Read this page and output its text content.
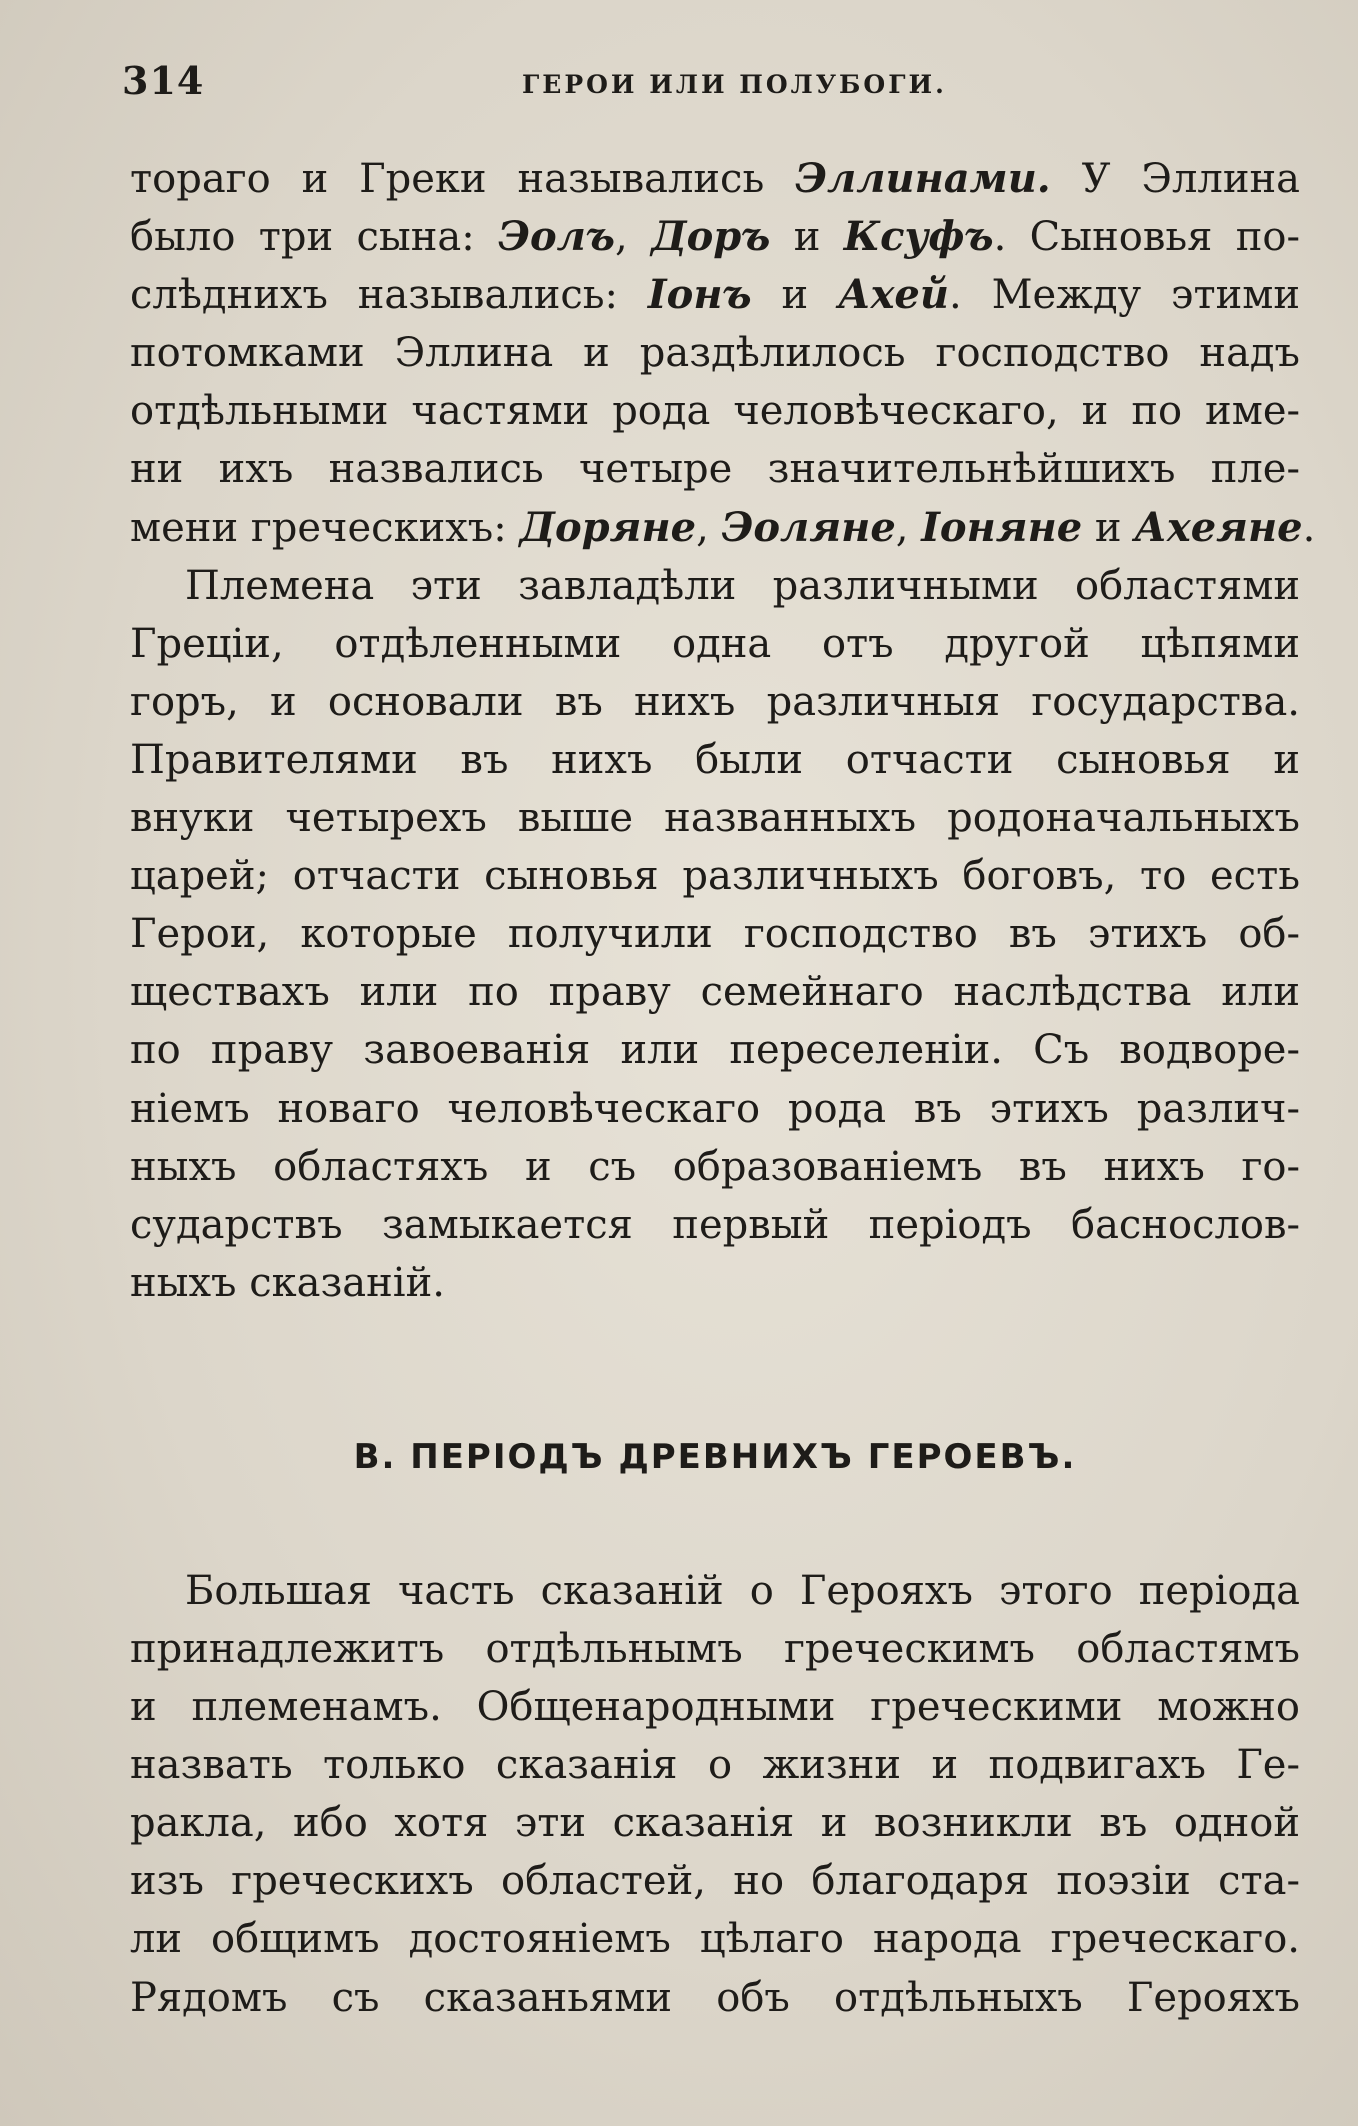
314	ГЕРОИ ИЛИ ПОЛУБОГИ.
тораго и Греки назывались Эллинами. У Эллина
было три сына: Эолъ, Доръ и Ксуфъ. Сыновья по-
слѣднихъ назывались: Іонъ и Ахей. Между этими
потомками Эллина и раздѣлилось господство надъ
отдѣльными частями рода человѣческаго, и по име-
ни ихъ назвались четыре значительнѣйшихъ пле-
мени греческихъ: Доряне, Эоляне, Іоняне и Ахеяне.
Племена эти завладѣли различными областями
Греціи, отдѣленными одна отъ другой цѣпями
горъ, и основали въ нихъ различныя государства.
Правителями въ нихъ были отчасти сыновья и
внуки четырехъ выше названныхъ родоначальныхъ
царей; отчасти сыновья различныхъ боговъ, то есть
Герои, которые получили господство въ этихъ об-
ществахъ или по праву семейнаго наслѣдства или
по праву завоеванія или переселеніи. Съ водворе-
ніемъ новаго человѣческаго рода въ этихъ различ-
ныхъ областяхъ и съ образованіемъ въ нихъ го-
сударствъ замыкается первый періодъ баснослов-
ныхъ сказаній.
В. ПЕРІОДЪ ДРЕВНИХЪ ГЕРОЕВЪ.
Большая часть сказаній о Герояхъ этого періода
принадлежитъ отдѣльнымъ греческимъ областямъ
и племенамъ. Общенародными греческими можно
назвать только сказанія о жизни и подвигахъ Ге-
ракла, ибо хотя эти сказанія и возникли въ одной
изъ греческихъ областей, но благодаря поэзіи ста-
ли общимъ достояніемъ цѣлаго народа греческаго.
Рядомъ съ сказаньями объ отдѣльныхъ Герояхъ
